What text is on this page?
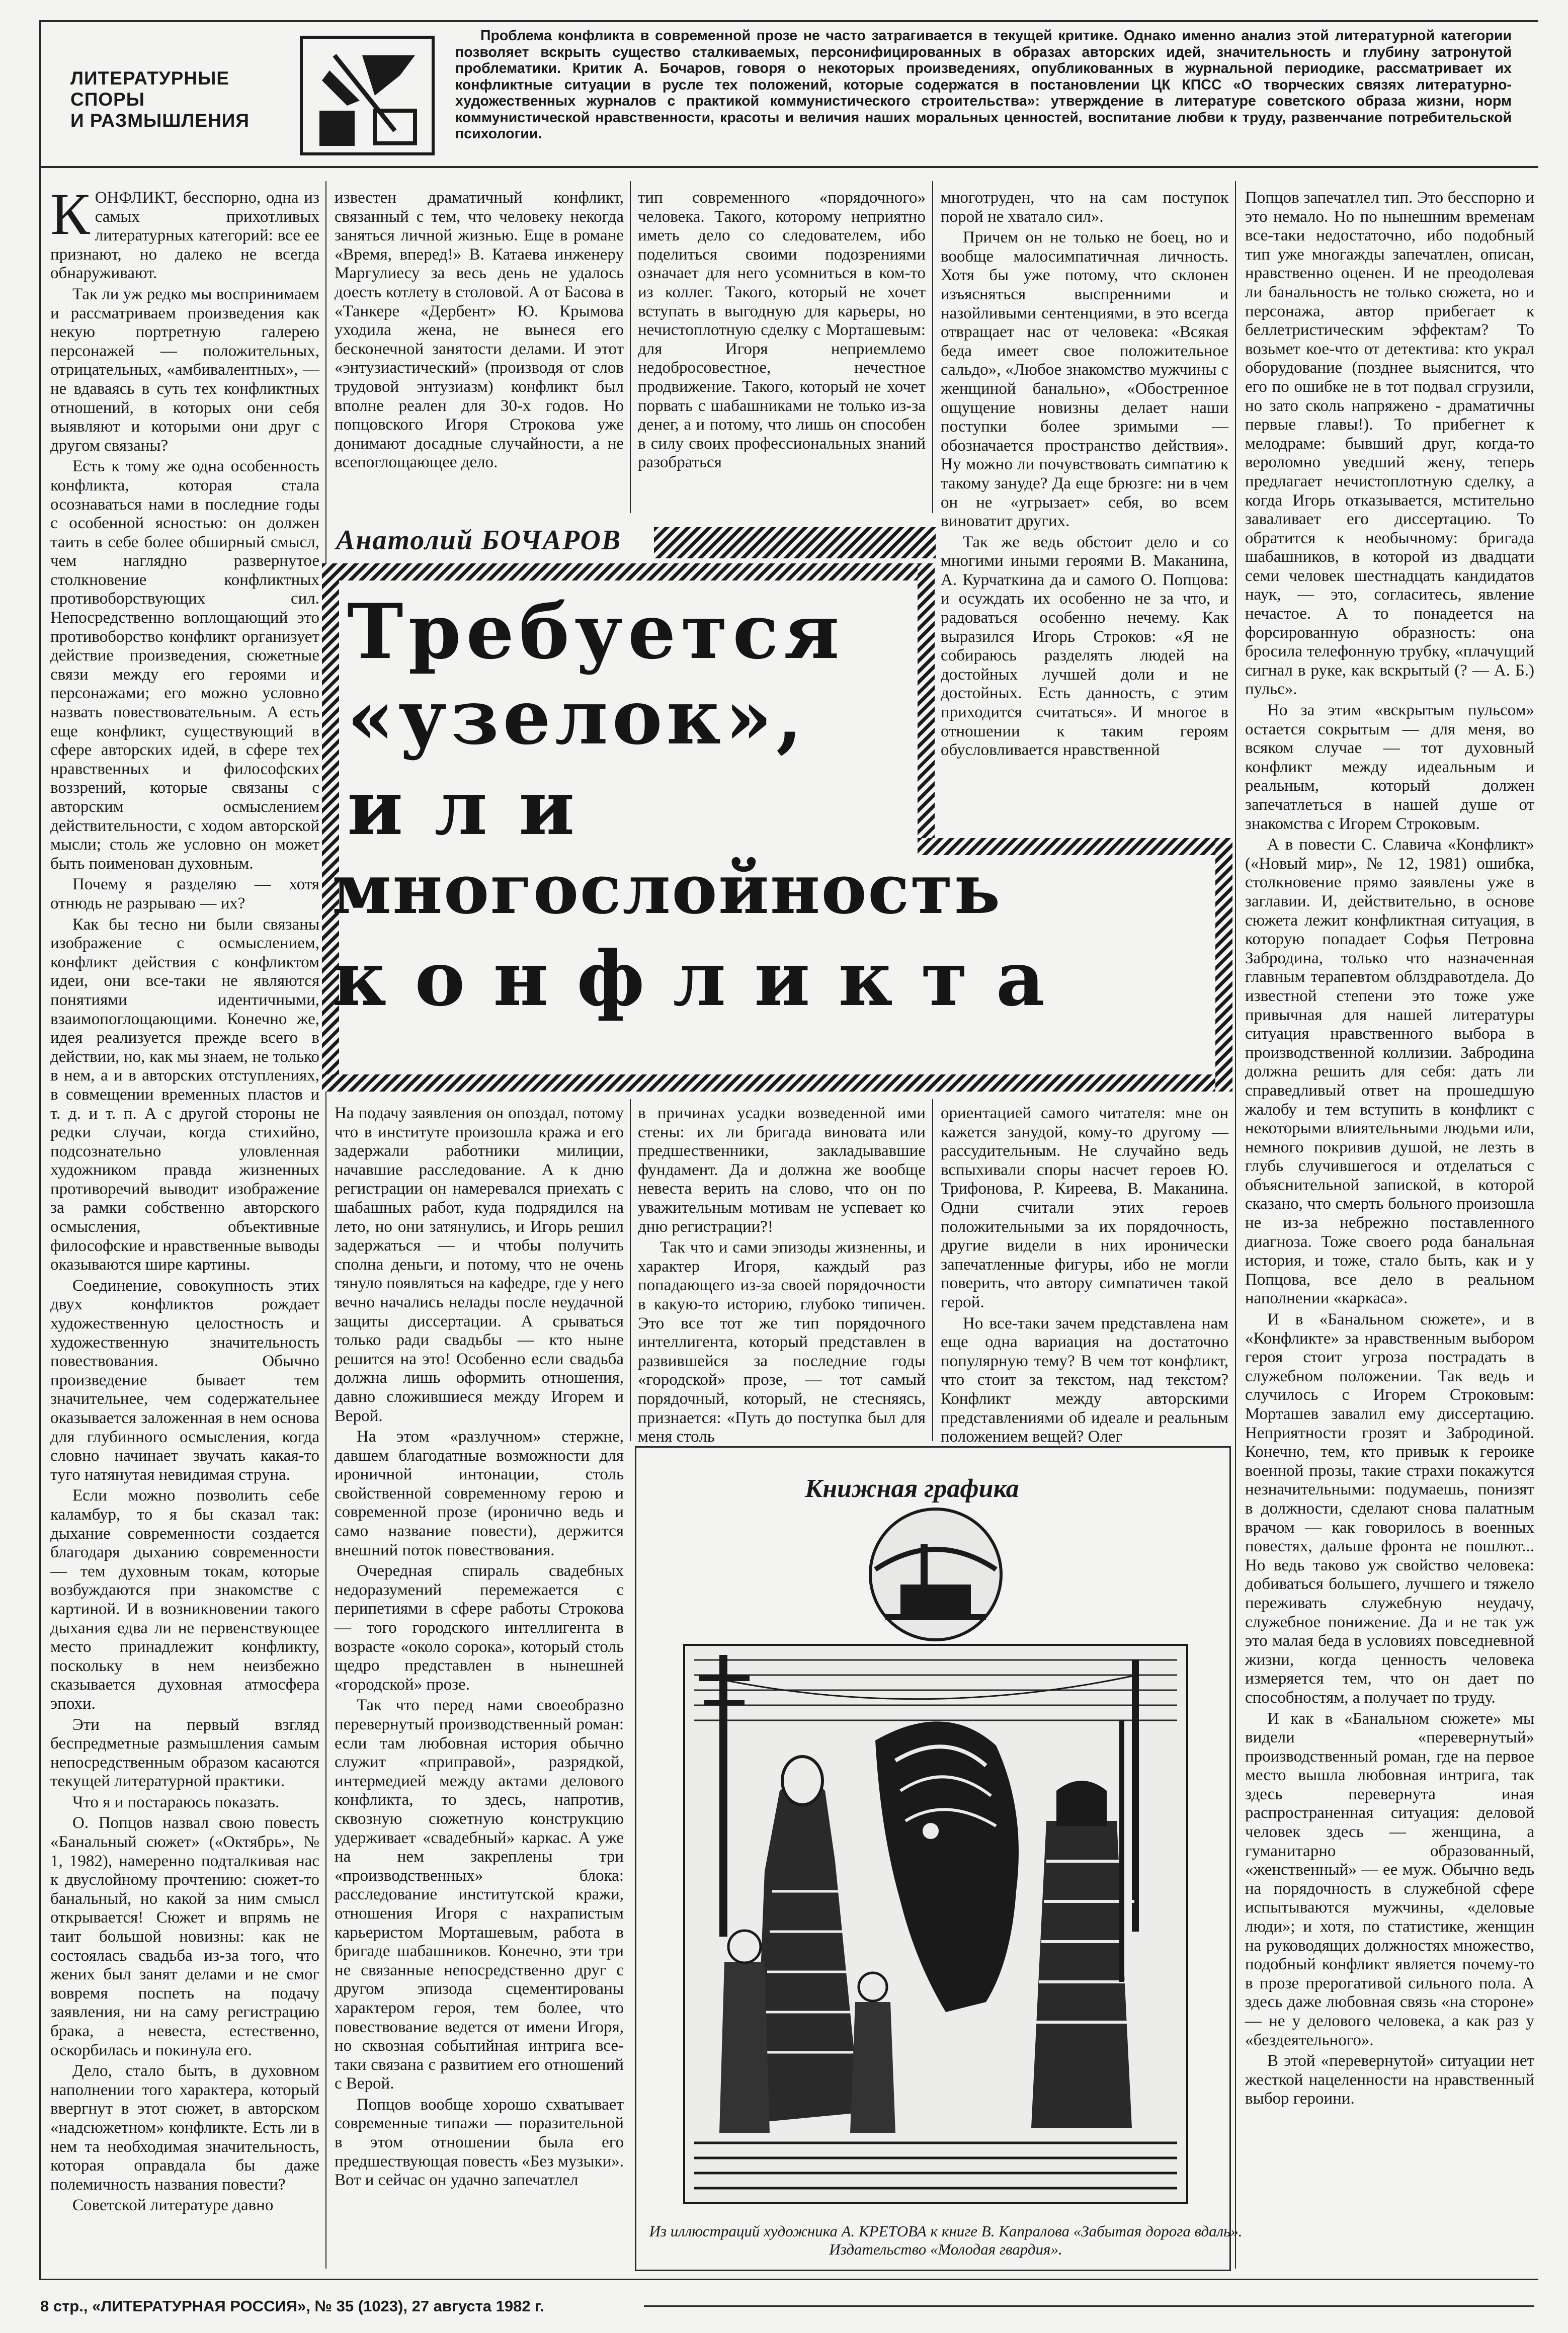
ЛИТЕРАТУРНЫЕ
СПОРЫ
И РАЗМЫШЛЕНИЯ
Проблема конфликта в современной прозе не часто затрагивается в текущей критике. Однако именно анализ этой литературной категории позволяет вскрыть существо сталкиваемых, персонифицированных в образах авторских идей, значительность и глубину затронутой проблематики. Критик А. Бочаров, говоря о некоторых произведениях, опубликованных в журнальной периодике, рассматривает их конфликтные ситуации в русле тех положений, которые содержатся в постановлении ЦК КПСС «О творческих связях литературно-художественных журналов с практикой коммунистического строительства»: утверждение в литературе советского образа жизни, норм коммунистической нравственности, красоты и величия наших моральных ценностей, воспитание любви к труду, развенчание потребительской психологии.

КОНФЛИКТ, бесспорно, одна из самых прихотливых литературных категорий: все ее признают, но далеко не всегда обнаруживают.

Так ли уж редко мы воспринимаем и рассматриваем произведения как некую портретную галерею персонажей — положительных, отрицательных, «амбивалентных», — не вдаваясь в суть тех конфликтных отношений, в которых они себя выявляют и которыми они друг с другом связаны?

Есть к тому же одна особенность конфликта, которая стала осознаваться нами в последние годы с особенной ясностью: он должен таить в себе более обширный смысл, чем наглядно развернутое столкновение конфликтных противоборствующих сил. Непосредственно воплощающий это противоборство конфликт организует действие произведения, сюжетные связи между его героями и персонажами; его можно условно назвать повествовательным. А есть еще конфликт, существующий в сфере авторских идей, в сфере тех нравственных и философских воззрений, которые связаны с авторским осмыслением действительности, с ходом авторской мысли; столь же условно он может быть поименован духовным.

Почему я разделяю — хотя отнюдь не разрываю — их?

Как бы тесно ни были связаны изображение с осмыслением, конфликт действия с конфликтом идеи, они все-таки не являются понятиями идентичными, взаимопоглощающими. Конечно же, идея реализуется прежде всего в действии, но, как мы знаем, не только в нем, а и в авторских отступлениях, в совмещении временных пластов и т. д. и т. п. А с другой стороны не редки случаи, когда стихийно, подсознательно уловленная художником правда жизненных противоречий выводит изображение за рамки собственно авторского осмысления, объективные философские и нравственные выводы оказываются шире картины.

Соединение, совокупность этих двух конфликтов рождает художественную целостность и художественную значительность повествования. Обычно произведение бывает тем значительнее, чем содержательнее оказывается заложенная в нем основа для глубинного осмысления, когда словно начинает звучать какая-то туго натянутая невидимая струна.

Если можно позволить себе каламбур, то я бы сказал так: дыхание современности создается благодаря дыханию современности — тем духовным токам, которые возбуждаются при знакомстве с картиной. И в возникновении такого дыхания едва ли не первенствующее место принадлежит конфликту, поскольку в нем неизбежно сказывается духовная атмосфера эпохи.

Эти на первый взгляд беспредметные размышления самым непосредственным образом касаются текущей литературной практики.

Что я и постараюсь показать.

О. Попцов назвал свою повесть «Банальный сюжет» («Октябрь», № 1, 1982), намеренно подталкивая нас к двуслойному прочтению: сюжет-то банальный, но какой за ним смысл открывается! Сюжет и впрямь не таит большой новизны: как не состоялась свадьба из-за того, что жених был занят делами и не смог вовремя поспеть на подачу заявления, ни на саму регистрацию брака, а невеста, естественно, оскорбилась и покинула его.

Дело, стало быть, в духовном наполнении того характера, который ввергнут в этот сюжет, в авторском «надсюжетном» конфликте. Есть ли в нем та необходимая значительность, которая оправдала бы даже полемичность названия повести?

Советской литературе давно

известен драматичный конфликт, связанный с тем, что человеку некогда заняться личной жизнью. Еще в романе «Время, вперед!» В. Катаева инженеру Маргулиесу за весь день не удалось доесть котлету в столовой. А от Басова в «Танкере «Дербент» Ю. Крымова уходила жена, не вынеся его бесконечной занятости делами. И этот «энтузиастический» (производя от слов трудовой энтузиазм) конфликт был вполне реален для 30-х годов. Но попцовского Игоря Строкова уже донимают досадные случайности, а не всепоглощающее дело.

тип современного «порядочного» человека. Такого, которому неприятно иметь дело со следователем, ибо поделиться своими подозрениями означает для него усомниться в ком-то из коллег. Такого, который не хочет вступать в выгодную для карьеры, но нечистоплотную сделку с Морташевым: для Игоря неприемлемо недобросовестное, нечестное продвижение. Такого, который не хочет порвать с шабашниками не только из-за денег, а и потому, что лишь он способен в силу своих профессиональных знаний разобраться

многотруден, что на сам поступок порой не хватало сил».

Причем он не только не боец, но и вообще малосимпатичная личность. Хотя бы уже потому, что склонен изъясняться выспренними и назойливыми сентенциями, в это всегда отвращает нас от человека: «Всякая беда имеет свое положительное сальдо», «Любое знакомство мужчины с женщиной банально», «Обостренное ощущение новизны делает наши поступки более зримыми — обозначается пространство действия». Ну можно ли почувствовать симпатию к такому зануде? Да еще брюзге: ни в чем он не «угрызает» себя, во всем виноватит других.

Так же ведь обстоит дело и со многими иными героями В. Маканина, А. Курчаткина да и самого О. Попцова: и осуждать их особенно не за что, и радоваться особенно нечему. Как выразился Игорь Строков: «Я не собираюсь разделять людей на достойных лучшей доли и не достойных. Есть данность, с этим приходится считаться». И многое в отношении к таким героям обусловливается нравственной

Анатолий БОЧАРОВ
Требуется
«узелок»,
или
многослойность
конфликта

На подачу заявления он опоздал, потому что в институте произошла кража и его задержали работники милиции, начавшие расследование. А к дню регистрации он намеревался приехать с шабашных работ, куда подрядился на лето, но они затянулись, и Игорь решил задержаться — и чтобы получить сполна деньги, и потому, что не очень тянуло появляться на кафедре, где у него вечно начались нелады после неудачной защиты диссертации. А срываться только ради свадьбы — кто ныне решится на это! Особенно если свадьба должна лишь оформить отношения, давно сложившиеся между Игорем и Верой.

На этом «разлучном» стержне, давшем благодатные возможности для ироничной интонации, столь свойственной современному герою и современной прозе (иронично ведь и само название повести), держится внешний поток повествования.

Очередная спираль свадебных недоразумений перемежается с перипетиями в сфере работы Строкова — того городского интеллигента в возрасте «около сорока», который столь щедро представлен в нынешней «городской» прозе.

Так что перед нами своеобразно перевернутый производственный роман: если там любовная история обычно служит «приправой», разрядкой, интермедией между актами делового конфликта, то здесь, напротив, сквозную сюжетную конструкцию удерживает «свадебный» каркас. А уже на нем закреплены три «производственных» блока: расследование институтской кражи, отношения Игоря с нахрапистым карьеристом Морташевым, работа в бригаде шабашников. Конечно, эти три не связанные непосредственно друг с другом эпизода сцементированы характером героя, тем более, что повествование ведется от имени Игоря, но сквозная событийная интрига все-таки связана с развитием его отношений с Верой.

Попцов вообще хорошо схватывает современные типажи — поразительной в этом отношении была его предшествующая повесть «Без музыки». Вот и сейчас он удачно запечатлел

в причинах усадки возведенной ими стены: их ли бригада виновата или предшественники, закладывавшие фундамент. Да и должна же вообще невеста верить на слово, что он по уважительным мотивам не успевает ко дню регистрации?!

Так что и сами эпизоды жизненны, и характер Игоря, каждый раз попадающего из-за своей порядочности в какую-то историю, глубоко типичен. Это все тот же тип порядочного интеллигента, который представлен в развившейся за последние годы «городской» прозе, — тот самый порядочный, который, не стесняясь, признается: «Путь до поступка был для меня столь

ориентацией самого читателя: мне он кажется занудой, кому-то другому — рассудительным. Не случайно ведь вспыхивали споры насчет героев Ю. Трифонова, Р. Киреева, В. Маканина. Одни считали этих героев положительными за их порядочность, другие видели в них иронически запечатленные фигуры, ибо не могли поверить, что автору симпатичен такой герой.

Но все-таки зачем представлена нам еще одна вариация на достаточно популярную тему? В чем тот конфликт, что стоит за текстом, над текстом? Конфликт между авторскими представлениями об идеале и реальным положением вещей? Олег

Попцов запечатлел тип. Это бесспорно и это немало. Но по нынешним временам все-таки недостаточно, ибо подобный тип уже многажды запечатлен, описан, нравственно оценен. И не преодолевая ли банальность не только сюжета, но и персонажа, автор прибегает к беллетристическим эффектам? То возьмет кое-что от детектива: кто украл оборудование (позднее выяснится, что его по ошибке не в тот подвал сгрузили, но зато сколь напряжено - драматичны первые главы!). То прибегнет к мелодраме: бывший друг, когда-то вероломно уведший жену, теперь предлагает нечистоплотную сделку, а когда Игорь отказывается, мстительно заваливает его диссертацию. То обратится к необычному: бригада шабашников, в которой из двадцати семи человек шестнадцать кандидатов наук, — это, согласитесь, явление нечастое. А то понадеется на форсированную образность: она бросила телефонную трубку, «плачущий сигнал в руке, как вскрытый (? — А. Б.) пульс».

Но за этим «вскрытым пульсом» остается сокрытым — для меня, во всяком случае — тот духовный конфликт между идеальным и реальным, который должен запечатлеться в нашей душе от знакомства с Игорем Строковым.

А в повести С. Славича «Конфликт» («Новый мир», № 12, 1981) ошибка, столкновение прямо заявлены уже в заглавии. И, действительно, в основе сюжета лежит конфликтная ситуация, в которую попадает Софья Петровна Забродина, только что назначенная главным терапевтом облздравотдела. До известной степени это тоже уже привычная для нашей литературы ситуация нравственного выбора в производственной коллизии. Забродина должна решить для себя: дать ли справедливый ответ на прошедшую жалобу и тем вступить в конфликт с некоторыми влиятельными людьми или, немного покривив душой, не лезть в глубь случившегося и отделаться с объяснительной запиской, в которой сказано, что смерть больного произошла не из-за небрежно поставленного диагноза. Тоже своего рода банальная история, и тоже, стало быть, как и у Попцова, все дело в реальном наполнении «каркаса».

И в «Банальном сюжете», и в «Конфликте» за нравственным выбором героя стоит угроза пострадать в служебном положении. Так ведь и случилось с Игорем Строковым: Морташев завалил ему диссертацию. Неприятности грозят и Забродиной. Конечно, тем, кто привык к героике военной прозы, такие страхи покажутся незначительными: подумаешь, понизят в должности, сделают снова палатным врачом — как говорилось в военных повестях, дальше фронта не пошлют... Но ведь таково уж свойство человека: добиваться большего, лучшего и тяжело переживать служебную неудачу, служебное понижение. Да и не так уж это малая беда в условиях повседневной жизни, когда ценность человека измеряется тем, что он дает по способностям, а получает по труду.

И как в «Банальном сюжете» мы видели «перевернутый» производственный роман, где на первое место вышла любовная интрига, так здесь перевернута иная распространенная ситуация: деловой человек здесь — женщина, а гуманитарно образованный, «женственный» — ее муж. Обычно ведь на порядочность в служебной сфере испытываются мужчины, «деловые люди»; и хотя, по статистике, женщин на руководящих должностях множество, подобный конфликт является почему-то в прозе прерогативой сильного пола. А здесь даже любовная связь «на стороне» — не у делового человека, а как раз у «бездеятельного».

В этой «перевернутой» ситуации нет жесткой нацеленности на нравственный выбор героини.

Книжная графика
Из иллюстраций художника А. КРЕТОВА к книге В. Капралова «Забытая дорога вдаль». Издательство «Молодая гвардия».
8 стр., «ЛИТЕРАТУРНАЯ РОССИЯ», № 35 (1023), 27 августа 1982 г.
